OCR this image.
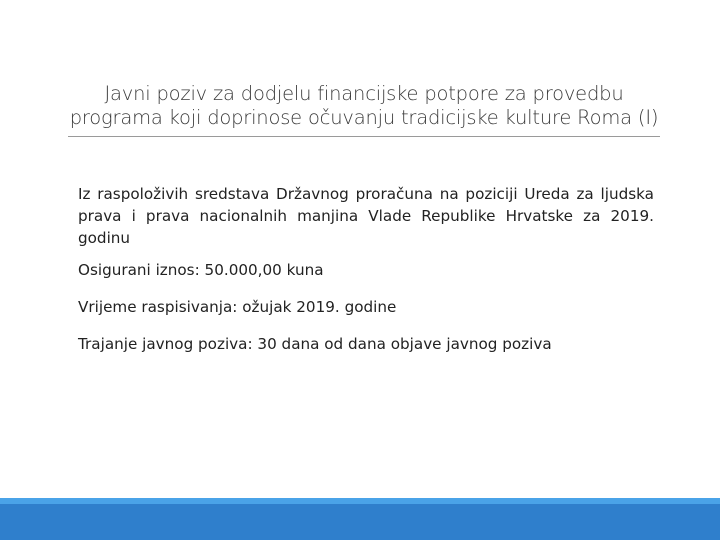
Javni poziv za dodjelu financijske potpore za provedbu
programa koji doprinose očuvanju tradicijske kulture Roma (I)

Iz raspoloživih sredstava Državnog proračuna na poziciji Ureda za ljudska prava i prava nacionalnih manjina Vlade Republike Hrvatske za 2019. godinu

Osigurani iznos: 50.000,00 kuna

Vrijeme raspisivanja: ožujak 2019. godine

Trajanje javnog poziva: 30 dana od dana objave javnog poziva
